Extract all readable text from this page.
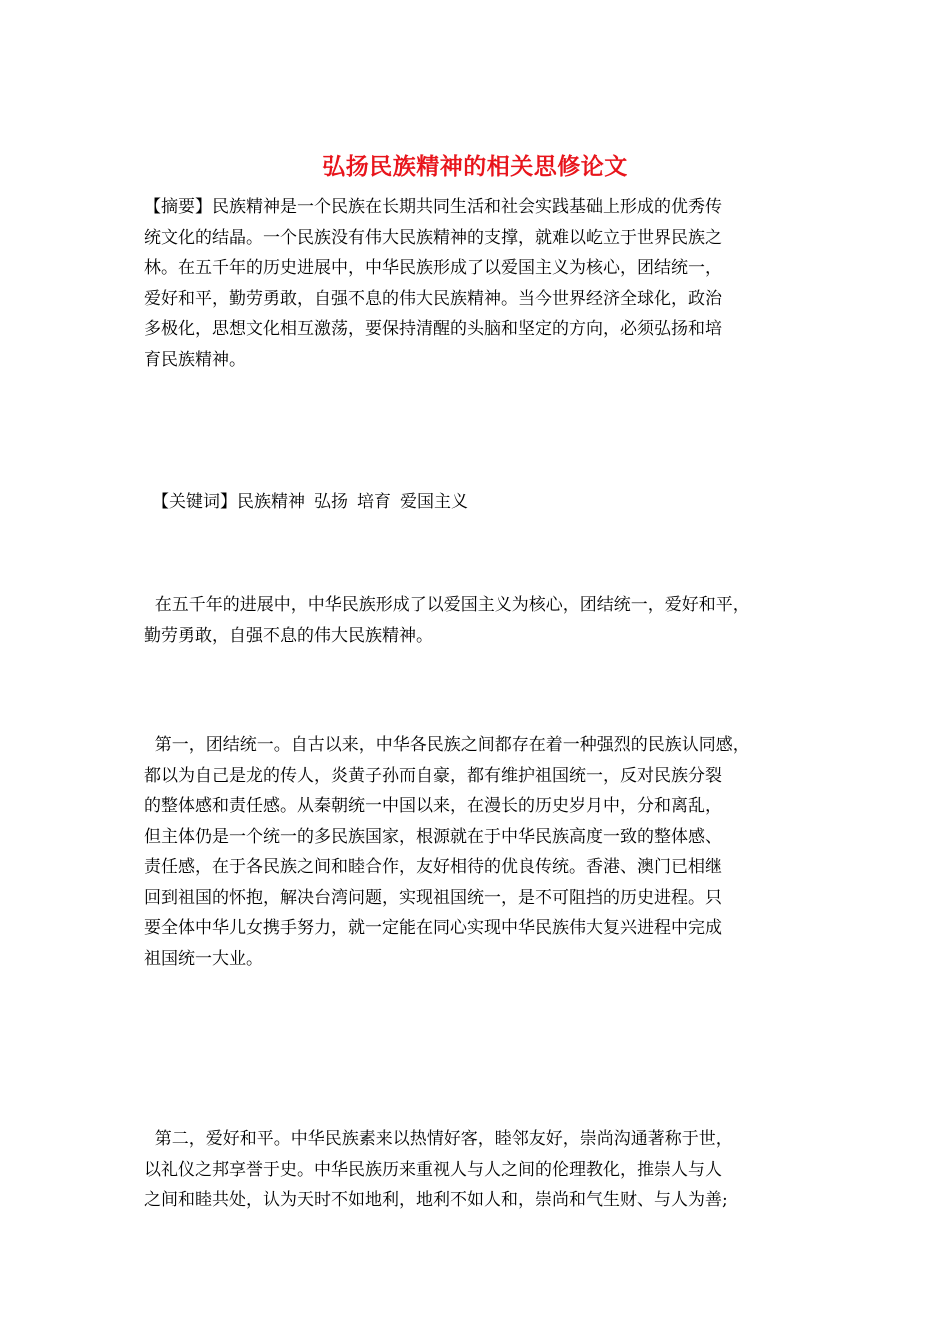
弘扬民族精神的相关思修论文
【摘要】民族精神是一个民族在长期共同生活和社会实践基础上形成的优秀传
统文化的结晶。一个民族没有伟大民族精神的支撑，就难以屹立于世界民族之
林。在五千年的历史进展中，中华民族形成了以爱国主义为核心，团结统一，
爱好和平，勤劳勇敢，自强不息的伟大民族精神。当今世界经济全球化，政治
多极化，思想文化相互激荡，要保持清醒的头脑和坚定的方向，必须弘扬和培
育民族精神。
【关键词】民族精神 弘扬 培育 爱国主义
在五千年的进展中，中华民族形成了以爱国主义为核心，团结统一，爱好和平，
勤劳勇敢，自强不息的伟大民族精神。
第一，团结统一。自古以来，中华各民族之间都存在着一种强烈的民族认同感，
都以为自己是龙的传人，炎黄子孙而自豪，都有维护祖国统一，反对民族分裂
的整体感和责任感。从秦朝统一中国以来，在漫长的历史岁月中，分和离乱，
但主体仍是一个统一的多民族国家，根源就在于中华民族高度一致的整体感、
责任感，在于各民族之间和睦合作，友好相待的优良传统。香港、澳门已相继
回到祖国的怀抱，解决台湾问题，实现祖国统一，是不可阻挡的历史进程。只
要全体中华儿女携手努力，就一定能在同心实现中华民族伟大复兴进程中完成
祖国统一大业。
第二，爱好和平。中华民族素来以热情好客，睦邻友好，崇尚沟通著称于世，
以礼仪之邦享誉于史。中华民族历来重视人与人之间的伦理教化，推崇人与人
之间和睦共处，认为天时不如地利，地利不如人和，崇尚和气生财、与人为善;
